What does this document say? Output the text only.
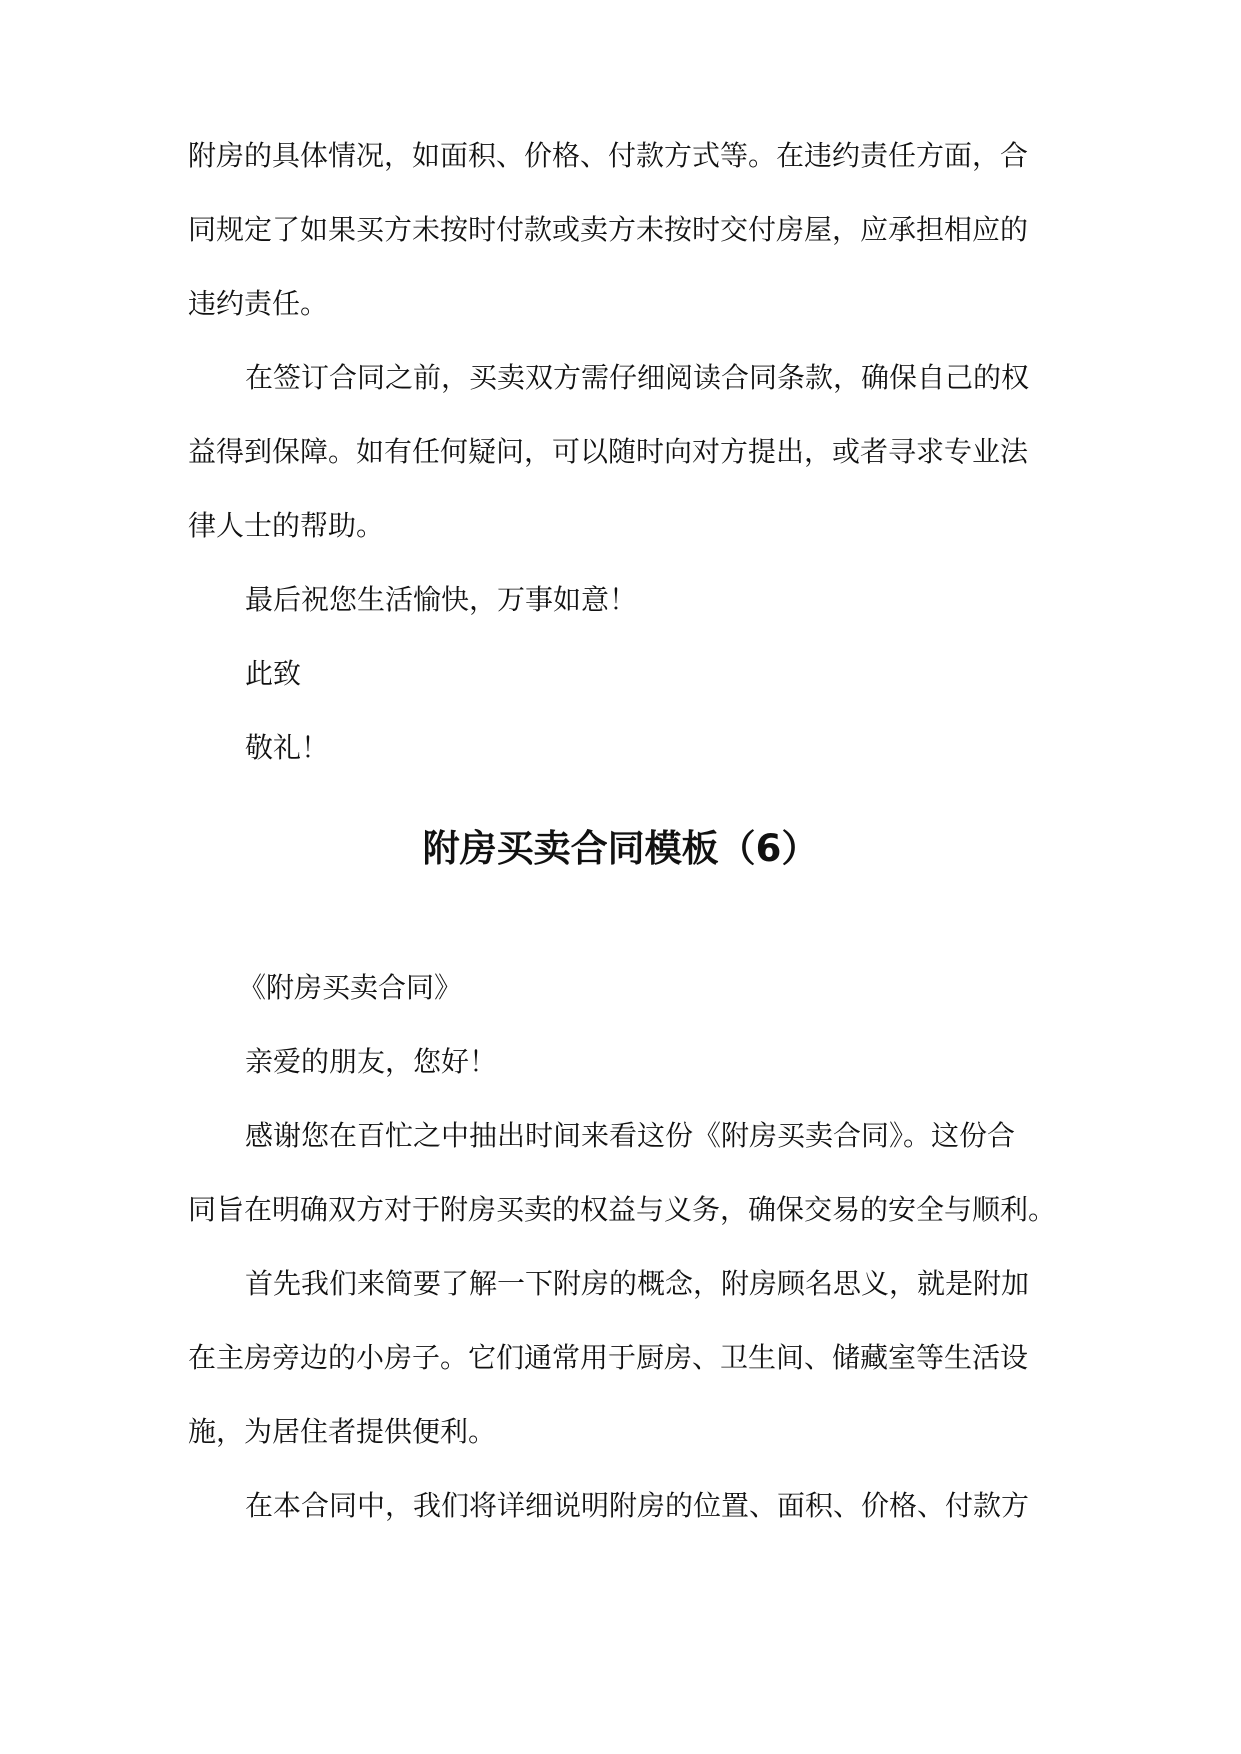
附房的具体情况，如面积、价格、付款方式等。在违约责任方面，合
同规定了如果买方未按时付款或卖方未按时交付房屋，应承担相应的
违约责任。
在签订合同之前，买卖双方需仔细阅读合同条款，确保自己的权
益得到保障。如有任何疑问，可以随时向对方提出，或者寻求专业法
律人士的帮助。
最后祝您生活愉快，万事如意！
此致
敬礼！
附房买卖合同模板（6）
《附房买卖合同》
亲爱的朋友，您好！
感谢您在百忙之中抽出时间来看这份《附房买卖合同》。这份合
同旨在明确双方对于附房买卖的权益与义务，确保交易的安全与顺利。
首先我们来简要了解一下附房的概念，附房顾名思义，就是附加
在主房旁边的小房子。它们通常用于厨房、卫生间、储藏室等生活设
施，为居住者提供便利。
在本合同中，我们将详细说明附房的位置、面积、价格、付款方
